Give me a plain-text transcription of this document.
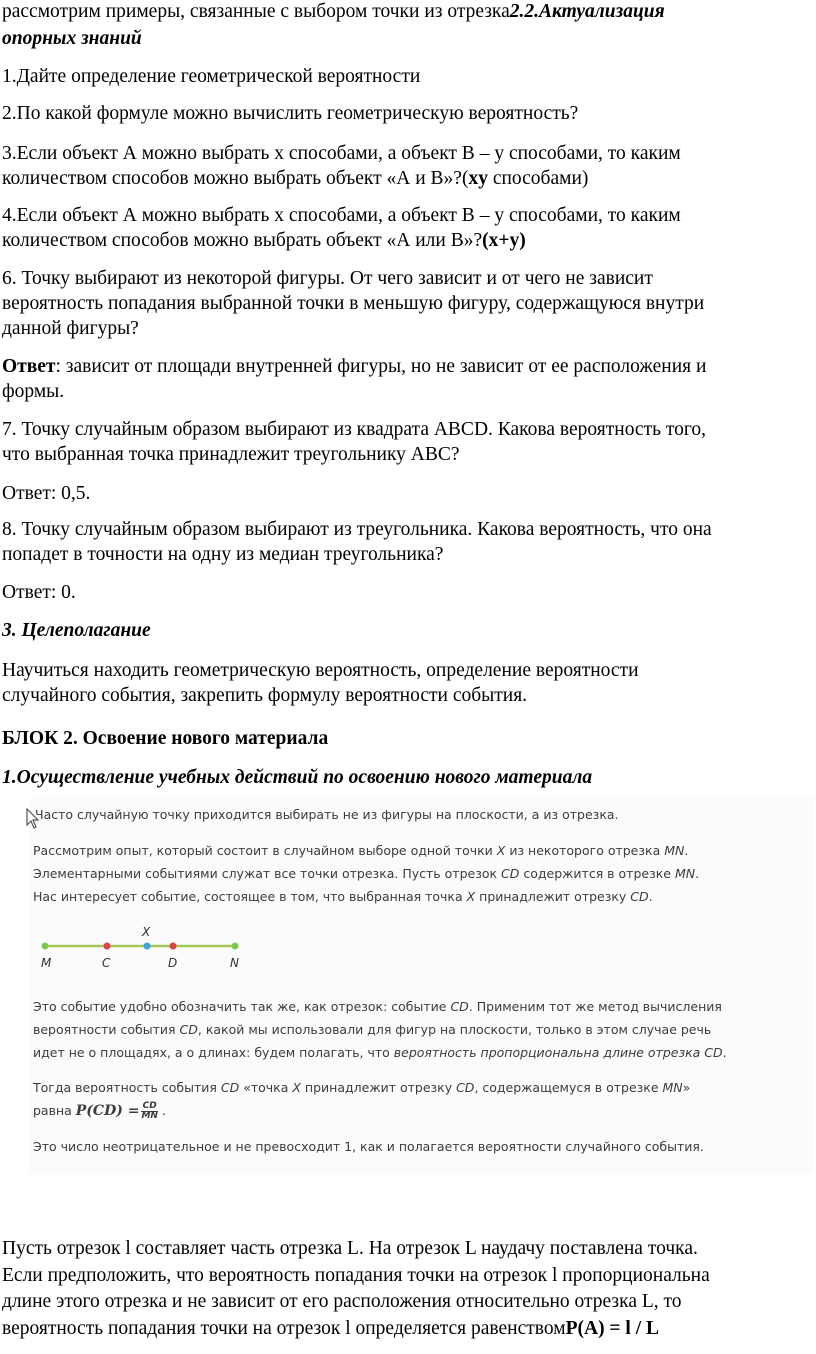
рассмотрим примеры, связанные с выбором точки из отрезка2.2.Актуализация

опорных знаний

1.Дайте определение геометрической вероятности

2.По какой формуле можно вычислить геометрическую вероятность?

3.Если объект А можно выбрать x способами, а объект B – y способами, то каким

количеством способов можно выбрать объект «А и B»?(xy способами)

4.Если объект А можно выбрать x способами, а объект B – y способами, то каким

количеством способов можно выбрать объект «А или B»?(x+y)

6. Точку выбирают из некоторой фигуры. От чего зависит и от чего не зависит

вероятность попадания выбранной точки в меньшую фигуру, содержащуюся внутри

данной фигуры?

Ответ: зависит от площади внутренней фигуры, но не зависит от ее расположения и

формы.

7. Точку случайным образом выбирают из квадрата ABCD. Какова вероятность того,

что выбранная точка принадлежит треугольнику ABC?

Ответ: 0,5.

8. Точку случайным образом выбирают из треугольника. Какова вероятность, что она

попадет в точности на одну из медиан треугольника?

Ответ: 0.

3. Целеполагание

Научиться находить геометрическую вероятность, определение вероятности

случайного события, закрепить формулу вероятности события.

БЛОК 2. Освоение нового материала

1.Осуществление учебных действий по освоению нового материала

Часто случайную точку приходится выбирать не из фигуры на плоскости, а из отрезка.

Рассмотрим опыт, который состоит в случайном выборе одной точки X из некоторого отрезка MN.

Элементарными событиями служат все точки отрезка. Пусть отрезок CD содержится в отрезке MN.

Нас интересует событие, состоящее в том, что выбранная точка X принадлежит отрезку CD.

M	C
X
D	N

Это событие удобно обозначить так же, как отрезок: событие CD. Применим тот же метод вычисления

вероятности события CD, какой мы использовали для фигур на плоскости, только в этом случае речь

идет не о площадях, а о длинах: будем полагать, что вероятность пропорциональна длине отрезка CD.

Тогда вероятность события CD «точка X принадлежит отрезку CD, содержащемуся в отрезке MN»

равна $P(CD) = \frac{CD}{MN}$ .

Это число неотрицательное и не превосходит 1, как и полагается вероятности случайного события.

Пусть отрезок l составляет часть отрезка L. На отрезок L наудачу поставлена точка.

Если предположить, что вероятность попадания точки на отрезок l пропорциональна

длине этого отрезка и не зависит от его расположения относительно отрезка L, то

вероятность попадания точки на отрезок l определяется равенствомP(A) = l / L
